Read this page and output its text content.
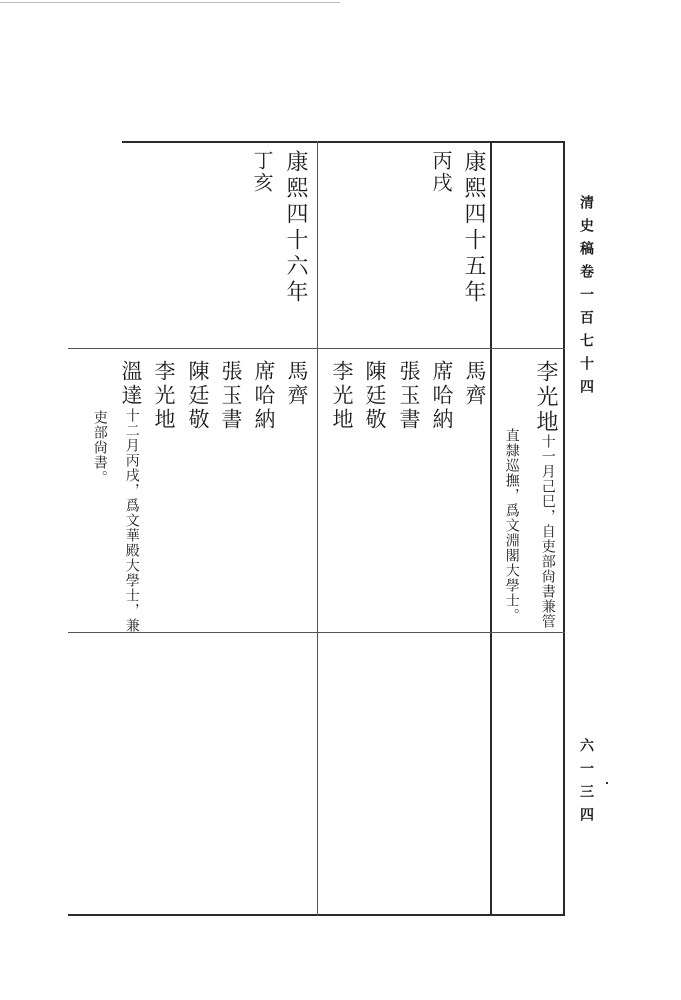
清史稿卷一百七十四
六一三四
康熙四十五年
丙戌
馬齊
席哈納
張玉書
陳廷敬
李光地	李光地
十一月己巳，自吏部尙書兼管
直隸巡撫，爲文淵閣大學士。
康熙四十六年
丁亥
馬齊
席哈納
張玉書
陳廷敬
李光地
溫達
十二月丙戌，爲文華殿大學士，兼
吏部尙書。
